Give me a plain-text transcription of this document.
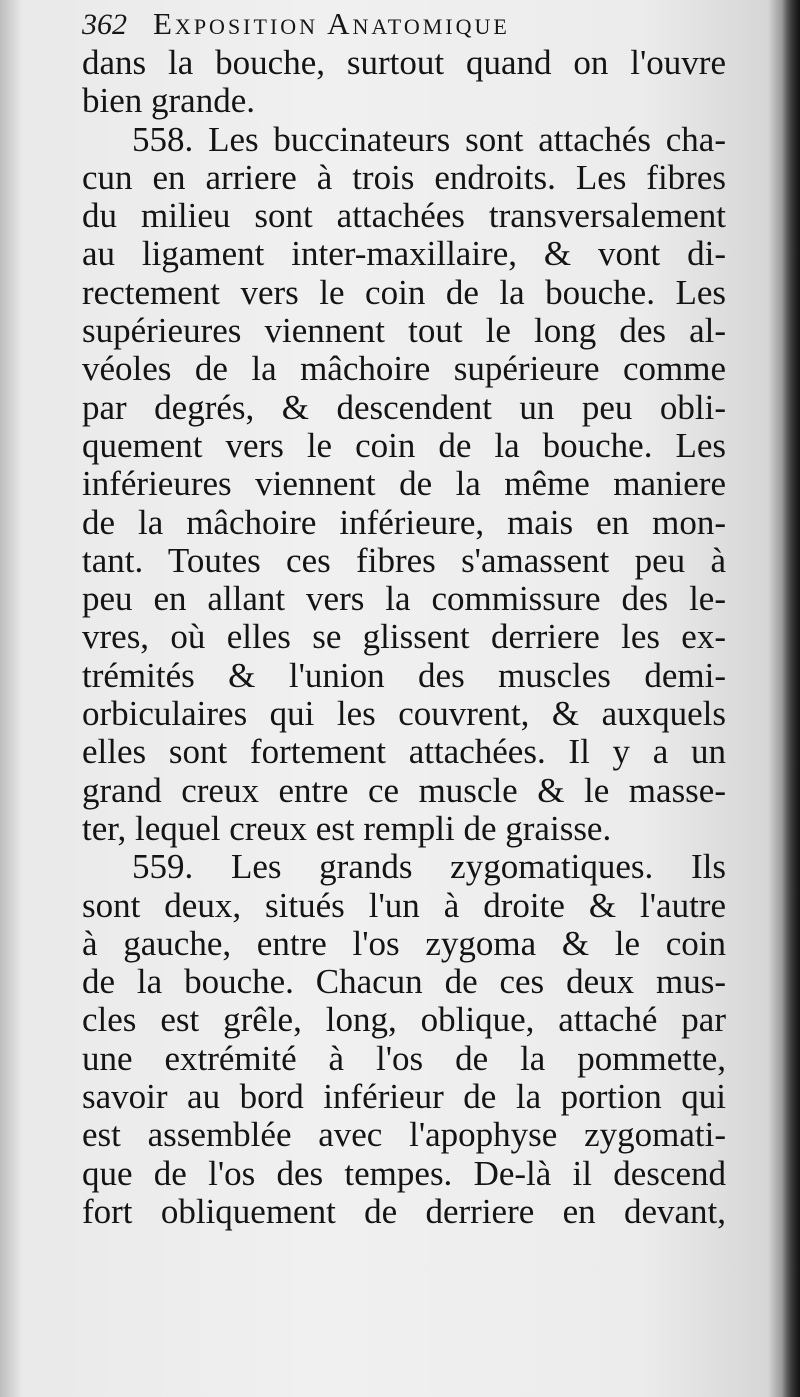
362 Exposition Anatomique
dans la bouche, surtout quand on l'ouvre
bien grande.
558. Les buccinateurs sont attachés cha-
cun en arriere à trois endroits. Les fibres
du milieu sont attachées transversalement
au ligament inter-maxillaire, & vont di-
rectement vers le coin de la bouche. Les
supérieures viennent tout le long des al-
véoles de la mâchoire supérieure comme
par degrés, & descendent un peu obli-
quement vers le coin de la bouche. Les
inférieures viennent de la même maniere
de la mâchoire inférieure, mais en mon-
tant. Toutes ces fibres s'amassent peu à
peu en allant vers la commissure des le-
vres, où elles se glissent derriere les ex-
trémités & l'union des muscles demi-
orbiculaires qui les couvrent, & auxquels
elles sont fortement attachées. Il y a un
grand creux entre ce muscle & le masse-
ter, lequel creux est rempli de graisse.
559. Les grands zygomatiques. Ils
sont deux, situés l'un à droite & l'autre
à gauche, entre l'os zygoma & le coin
de la bouche. Chacun de ces deux mus-
cles est grêle, long, oblique, attaché par
une extrémité à l'os de la pommette,
savoir au bord inférieur de la portion qui
est assemblée avec l'apophyse zygomati-
que de l'os des tempes. De-là il descend
fort obliquement de derriere en devant,
